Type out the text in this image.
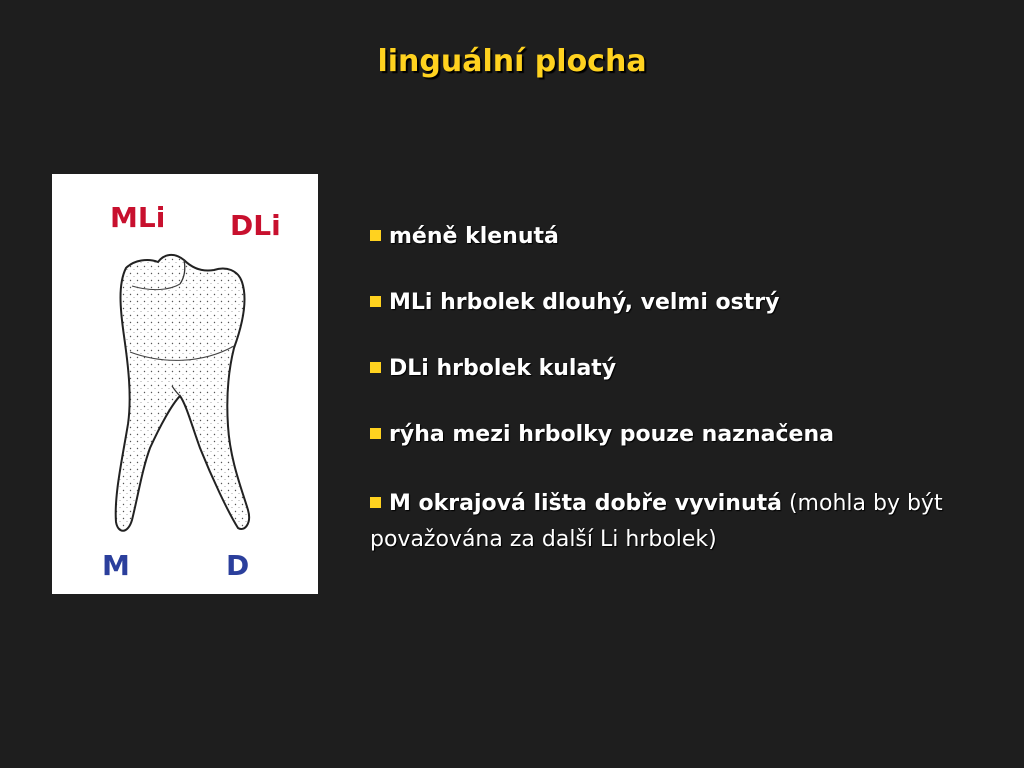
linguální plocha
MLi DLi
M	D
méně klenutá
MLi hrbolek dlouhý, velmi ostrý
DLi hrbolek kulatý
rýha mezi hrbolky pouze naznačena
M okrajová lišta dobře vyvinutá (mohla by být považována za další Li hrbolek)
